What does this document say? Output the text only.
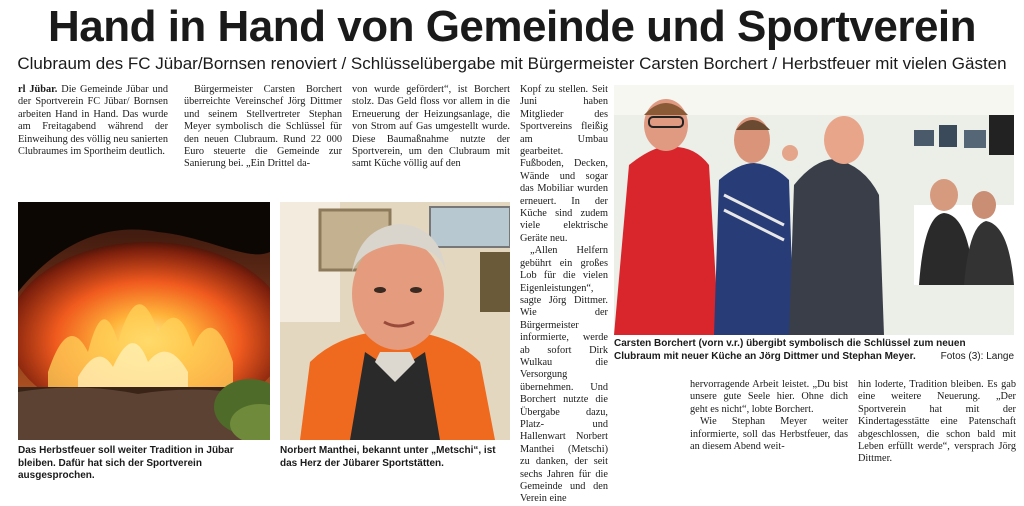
Hand in Hand von Gemeinde und Sportverein
Clubraum des FC Jübar/Bornsen renoviert / Schlüsselübergabe mit Bürgermeister Carsten Borchert / Herbstfeuer mit vielen Gästen

rl Jübar. Die Gemeinde Jübar und der Sportverein FC Jübar/ Bornsen arbeiten Hand in Hand. Das wurde am Freitagabend während der Einweihung des völlig neu sanierten Clubraumes im Sportheim deutlich.

Bürgermeister Carsten Borchert überreichte Vereinschef Jörg Dittmer und seinem Stellvertreter Stephan Meyer symbolisch die Schlüssel für den neuen Clubraum. Rund 22 000 Euro steuerte die Gemeinde zur Sanierung bei. „Ein Drittel da-

Kopf zu stellen. Seit Juni haben Mitglieder des Sportvereins fleißig am Umbau gearbeitet. Fußboden, Decken, Wände und sogar das Mobiliar wurden erneuert. In der Küche sind zudem viele elektrische Geräte neu.

„Allen Helfern gebührt ein großes Lob für die vielen Eigenleistungen“, sagte Jörg Dittmer. Wie der Bürgermeister informierte, werde ab sofort Dirk Wulkau die Versorgung übernehmen. Und Borchert nutzte die Übergabe dazu, Platz- und Hallenwart Norbert Manthei (Metschi) zu danken, der seit sechs Jahren für die Gemeinde und den Verein eine

hervorragende Arbeit leistet. „Du bist unsere gute Seele hier. Ohne dich geht es nicht“, lobte Borchert.

Wie Stephan Meyer weiter informierte, soll das Herbstfeuer, das an diesem Abend weit-

hin loderte, Tradition bleiben. Es gab eine weitere Neuerung. „Der Sportverein hat mit der Kindertagesstätte eine Patenschaft abgeschlossen, die schon bald mit Leben erfüllt werde“, versprach Jörg Dittmer.

von wurde gefördert“, ist Borchert stolz. Das Geld floss vor allem in die Erneuerung der Heizungsanlage, die von Strom auf Gas umgestellt wurde. Diese Baumaßnahme nutzte der Sportverein, um den Clubraum mit samt Küche völlig auf den

Das Herbstfeuer soll weiter Tradition in Jübar bleiben. Dafür hat sich der Sportverein ausgesprochen.
Norbert Manthei, bekannt unter „Metschi“, ist das Herz der Jübarer Sportstätten.
Carsten Borchert (vorn v.r.) übergibt symbolisch die Schlüssel zum neuen Clubraum mit neuer Küche an Jörg Dittmer und Stephan Meyer. Fotos (3): Lange
